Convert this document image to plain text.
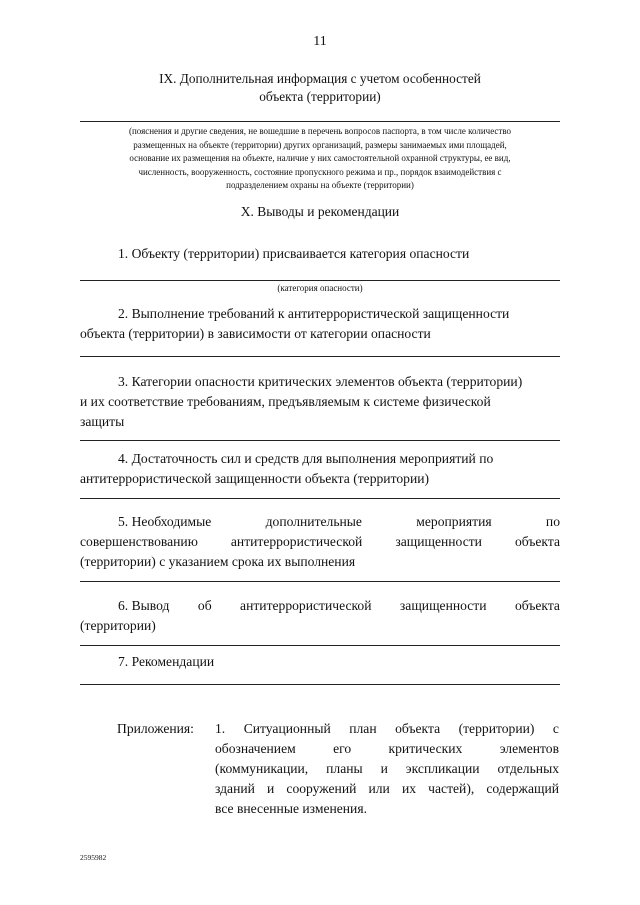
11
IX. Дополнительная информация с учетом особенностей
объекта (территории)
(пояснения и другие сведения, не вошедшие в перечень вопросов паспорта, в том числе количество
размещенных на объекте (территории) других организаций, размеры занимаемых ими площадей,
основание их размещения на объекте, наличие у них самостоятельной охранной структуры, ее вид,
численность, вооруженность, состояние пропускного режима и пр., порядок взаимодействия с
подразделением охраны на объекте (территории)
X. Выводы и рекомендации
1. Объекту (территории) присваивается категория опасности
(категория опасности)
2. Выполнение требований к антитеррористической защищенности
объекта (территории) в зависимости от категории опасности
3. Категории опасности критических элементов объекта (территории)
и их соответствие требованиям, предъявляемым к системе физической
защиты
4. Достаточность сил и средств для выполнения мероприятий по
антитеррористической защищенности объекта (территории)
5. Необходимые	дополнительные	мероприятия	по
совершенствованию антитеррористической защищенности объекта
(территории) с указанием срока их выполнения
6. Вывод об антитеррористической защищенности объекта
(территории)
7. Рекомендации
Приложения: 1. Ситуационный план объекта (территории) с
обозначением его критических элементов
(коммуникации, планы и экспликации отдельных
зданий и сооружений или их частей), содержащий
все внесенные изменения.
2595982
